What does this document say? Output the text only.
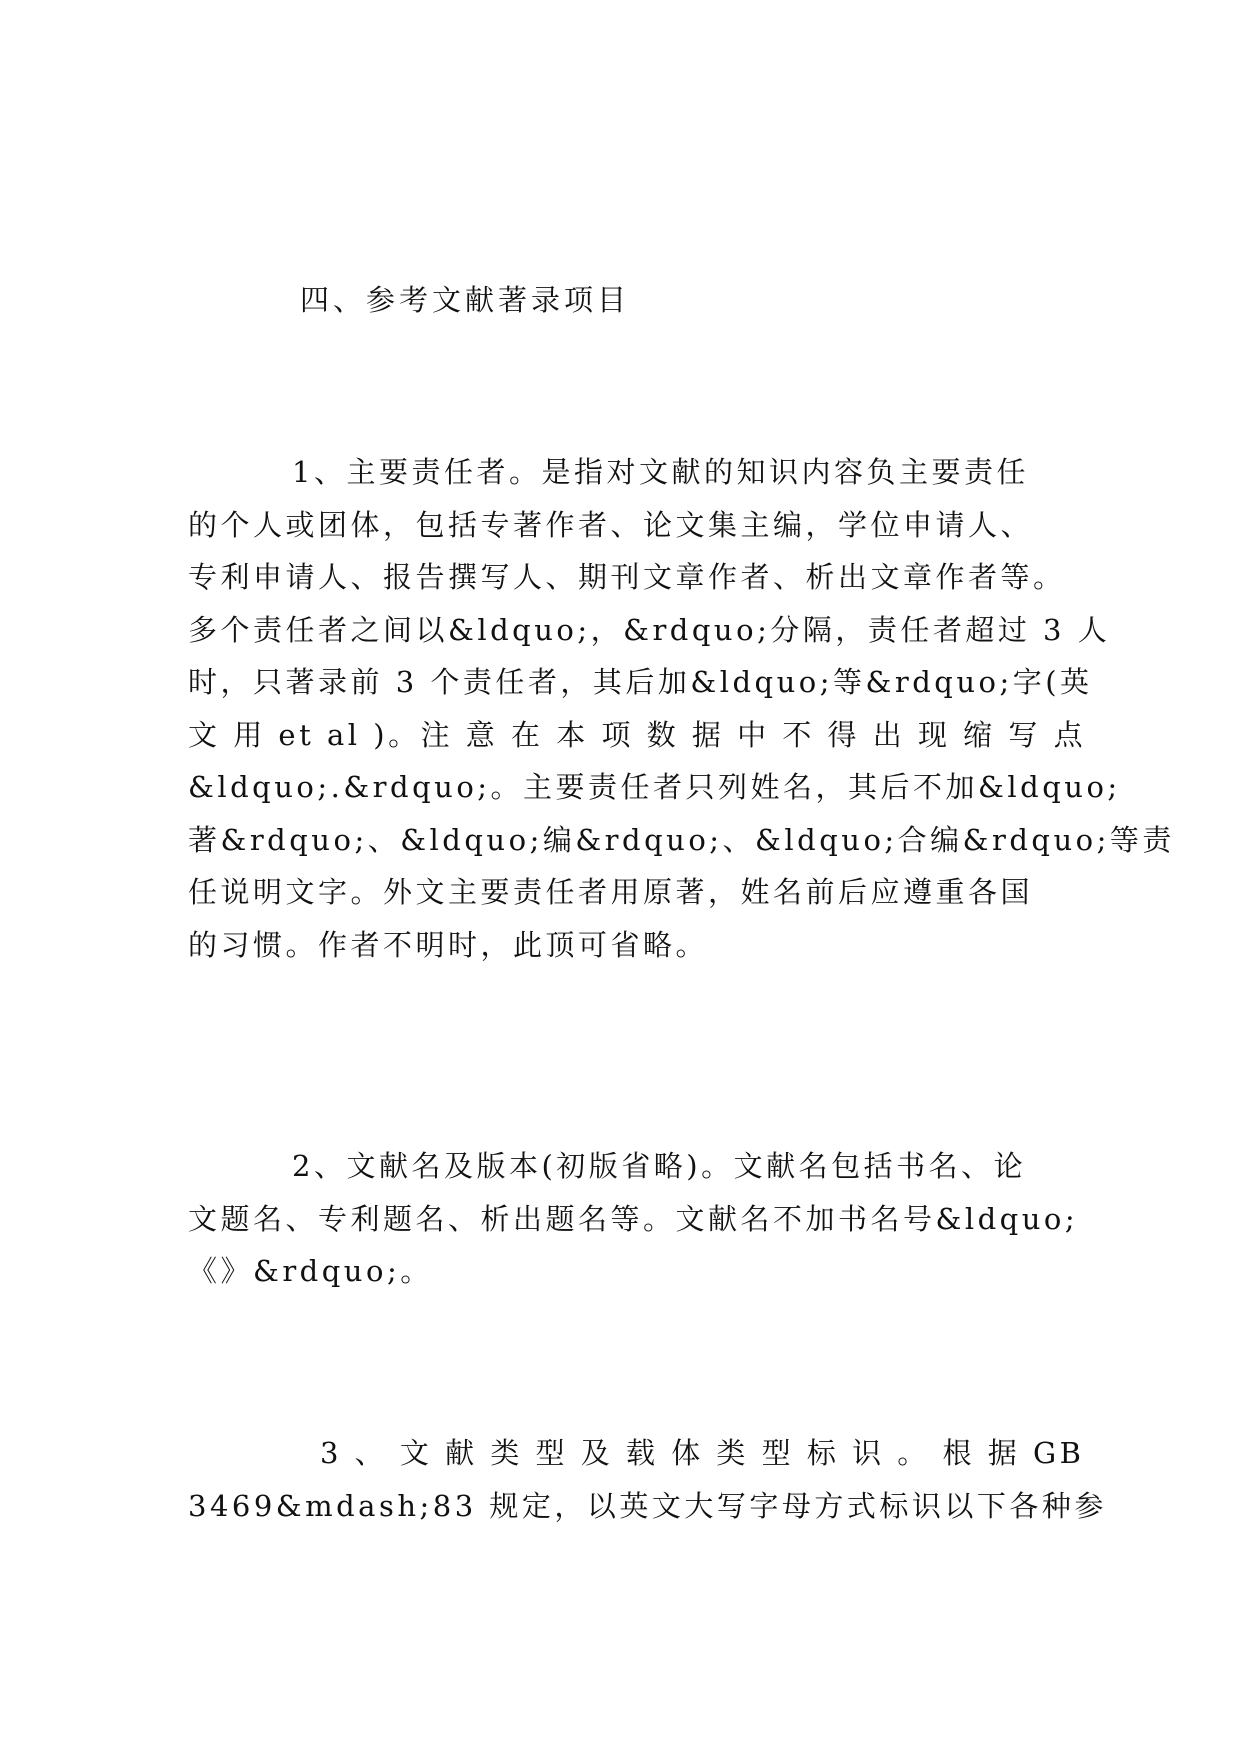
四、参考文献著录项目
1、主要责任者。是指对文献的知识内容负主要责任
的个人或团体，包括专著作者、论文集主编，学位申请人、
专利申请人、报告撰写人、期刊文章作者、析出文章作者等。
多个责任者之间以&ldquo;，&rdquo;分隔，责任者超过 3 人
时，只著录前 3 个责任者，其后加&ldquo;等&rdquo;字(英
文 用 et al )。注 意 在 本 项 数 据 中 不 得 出 现 缩 写 点
&ldquo;.&rdquo;。主要责任者只列姓名，其后不加&ldquo;
著&rdquo;、&ldquo;编&rdquo;、&ldquo;合编&rdquo;等责
任说明文字。外文主要责任者用原著，姓名前后应遵重各国
的习惯。作者不明时，此顶可省略。
2、文献名及版本(初版省略)。文献名包括书名、论
文题名、专利题名、析出题名等。文献名不加书名号&ldquo;
《》&rdquo;。
3 、 文 献 类 型 及 载 体 类 型 标 识 。 根 据 GB
3469&mdash;83 规定，以英文大写字母方式标识以下各种参
